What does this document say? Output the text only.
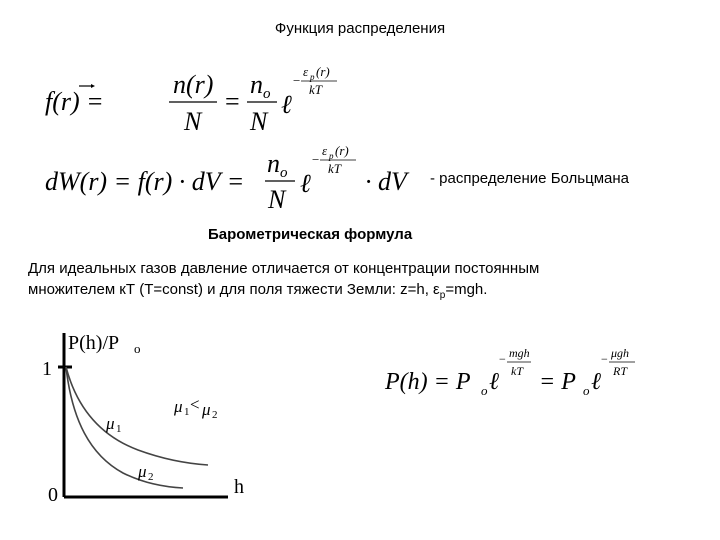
Функция распределения
f(r) =
n(r)
N
=
n o
N
ℓ
−
ε p (r)
kT
dW(r) = f(r) · dV =
n o
N
ℓ
−
ε p (r)
kT · dV - распределение Больцмана
Барометрическая формула
Для идеальных газов давление отличается от концентрации постоянным
множителем кТ (T=const) и для поля тяжести Земли: z=h, $\varepsilon_р=mgh$.
P(h)/P o
1
0	h
μ 1
μ 2
μ 1 < μ 2
P(h) = P o ℓ
− mgh
kT = P o ℓ
− μgh
RT
